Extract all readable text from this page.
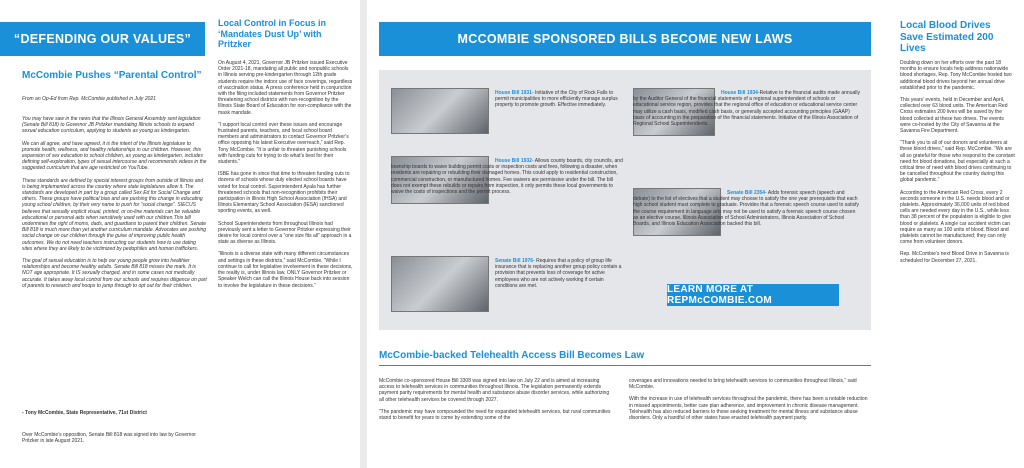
“DEFENDING OUR VALUES”
McCombie Pushes “Parental Control”
From an Op-Ed from Rep. McCombie published in July 2021

You may have saw in the news that the Illinois General Assembly sent legislation (Senate Bill 818) to Governor JB Pritzker mandating Illinois schools to expand sexual education curriculum, applying to students as young as kindergarten.

We can all agree, and have agreed, it is the intent of the Illinois legislature to promote health, wellness, and healthy relationships in our children. However, this expansion of sex education to school children, as young as kindergarten, includes defining self-exploration, types of sexual intercourse and recommends videos in the suggested curriculum that are age restricted on YouTube.

These standards are defined by special interest groups from outside of Illinois and is being implemented across the country where state legislatures allow it. The standards are developed in part by a group called Sex Ed for Social Change and others. These groups have political bias and are pushing this change in educating young school children, by their very name to push for “social change”. SIECUS believes that sexually explicit visual, printed, or on-line materials can be valuable educational or personal aids when sensitively used with our children.This bill undermines the right of moms, dads, and guardians to parent their children. Senate Bill 818 is much more than yet another curriculum mandate. Advocates are pushing social change on our children through the guise of improving public health outcomes. We do not need teachers instructing our students how to use dating sites where they are likely to be victimized by pedophiles and human traffickers.

The goal of sexual education is to help our young people grow into healthier relationships and become healthy adults. Senate Bill 818 misses the mark. It is NOT age appropriate. It IS sexually charged, and in some cases not medically accurate. It takes away local control from our schools and requires diligence on part of parents to research and hoops to jump through to opt out for their children.

- Tony McCombie, State Representative, 71st District
Over McCombie’s opposition, Senate Bill 818 was signed into law by Governor Pritzker in late August 2021.
Local Control in Focus in ‘Mandates Dust Up’ with Pritzker

On August 4, 2021, Governor JB Pritzker issued Executive Order 2021-18, mandating all public and nonpublic schools in Illinois serving pre-kindergarten through 12th grade students require the indoor use of face coverings, regardless of vaccination status. A press conference held in conjunction with the filing included statements from Governor Pritzker threatening school districts with non-recognition by the Illinois State Board of Education for non-compliance with the mask mandate.

“I support local control over these issues and encourage frustrated parents, teachers, and local school board members and administrators to contact Governor Pritzker’s office opposing his latest Executive overreach,” said Rep. Tony McCombie. “It is unfair to threaten punishing schools with funding cuts for trying to do what’s best for their students.”

ISBE has gone in since that time to threaten funding cuts to dozens of schools whose duly elected school boards have voted for local control. Superintendent Ayala has further threatened schools that non-recognition prohibits their participation in Illinois High School Association (IHSA) and Illinois Elementary School Association (IESA) sanctioned sporting events, as well.

School Superintendents from throughout Illinois had previously sent a letter to Governor Pritzker expressing their desire for local control over a “one size fits all” approach in a state as diverse as Illinois.

“Illinois is a diverse state with many different circumstances and settings in these districts,” said McCombie. “While I continue to call for legislative involvement in these decisions, the reality is, under Illinois law, ONLY Governor Pritzker or Speaker Welch can call the Illinois House back into session to involve the legislature in these decisions.”

MCCOMBIE SPONSORED BILLS BECOME NEW LAWS
House Bill 1931- Initiative of the City of Rock Falls to permit municipalities to more efficiently manage surplus property to promote growth. Effective immediately.
House Bill 1932- Allows county boards, city councils, and township boards to waive building permit costs or inspection costs and fees, following a disaster, when residents are repairing or rebuilding their damaged homes. This could apply to residential construction, commercial construction, or manufactured homes. Fee waivers are permissive under the bill. The bill does not exempt these rebuilds or repairs from inspection, it only permits these local governments to waive the costs of inspections and the permit process.
Senate Bill 1976- Requires that a policy of group life insurance that is replacing another group policy contain a provision that prevents loss of coverage for active employees who are not actively working if certain conditions are met.
House Bill 1934-Relative to the financial audits made annually by the Auditor General of the financial statements of a regional superintendent of schools or educational service region, provides that the regional office of education or educational service center may utilize a cash basis, modified cash basis, or generally accepted accounting principles (GAAP) basis of accounting in the preparation of the financial statements. Initiative of the Illinois Association of Regional School Superintendents.
Senate Bill 2354- Adds forensic speech (speech and debate) to the list of electives that a student may choose to satisfy the one year prerequisite that each high school student must complete to graduate. Provides that a forensic speech course used to satisfy the course requirement in language arts may not be used to satisfy a forensic speech course chosen as an elective course. Illinois Association of School Administrators, Illinois Association of School Boards, and Illinois Education Association backed this bill.
LEARN MORE AT REPMcCOMBIE.COM
McCombie-backed Telehealth Access Bill Becomes Law

McCombie co-sponsored House Bill 3308 was signed into law on July 22 and is aimed at increasing access to telehealth services in communities throughout Illinois. The legislation permanently extends payment parity requirements for mental health and substance abuse disorder services, while authorizing all other telehealth services be covered through 2027.

“The pandemic may have compounded the need for expanded telehealth services, but rural communities stand to benefit for years to come by extending some of the

coverages and innovations needed to bring telehealth services to communities throughout Illinois,” said McCombie.

With the increase in use of telehealth services throughout the pandemic, there has been a notable reduction in missed appointments, better care plan adherence, and improvement in chronic disease management. Telehealth has also reduced barriers to those seeking treatment for mental illness and substance abuse disorders. Only a handful of other states have enacted telehealth payment parity.

Local Blood Drives Save Estimated 200 Lives

Doubling down on her efforts over the past 18 months to ensure locals help address nationwide blood shortages, Rep. Tony McCombie hosted two additional blood drives beyond her annual drive established prior to the pandemic.

This years’ events, held in December and April, collected over 63 blood units. The American Red Cross estimates 200 lives will be saved by the blood collected at these two drives. The events were co-hosted by the City of Savanna at the Savanna Fire Department.

“Thank you to all of our donors and volunteers at these blood drives,” said Rep. McCombie. “We are all so grateful for those who respond to the constant need for blood donations, but especially at such a critical time of need with blood drives continuing to be cancelled throughout the country during this global pandemic.”

According to the American Red Cross, every 2 seconds someone in the U.S. needs blood and or platelets. Approximately 36,000 units of red blood cells are needed every day in the U.S., while less than 38 percent of the population is eligible to give blood or platelets. A single car accident victim can require as many as 100 units of blood. Blood and platelets cannot be manufactured; they can only come from volunteer donors.

Rep. McCombie’s next Blood Drive in Savanna is scheduled for December 27, 2021.
